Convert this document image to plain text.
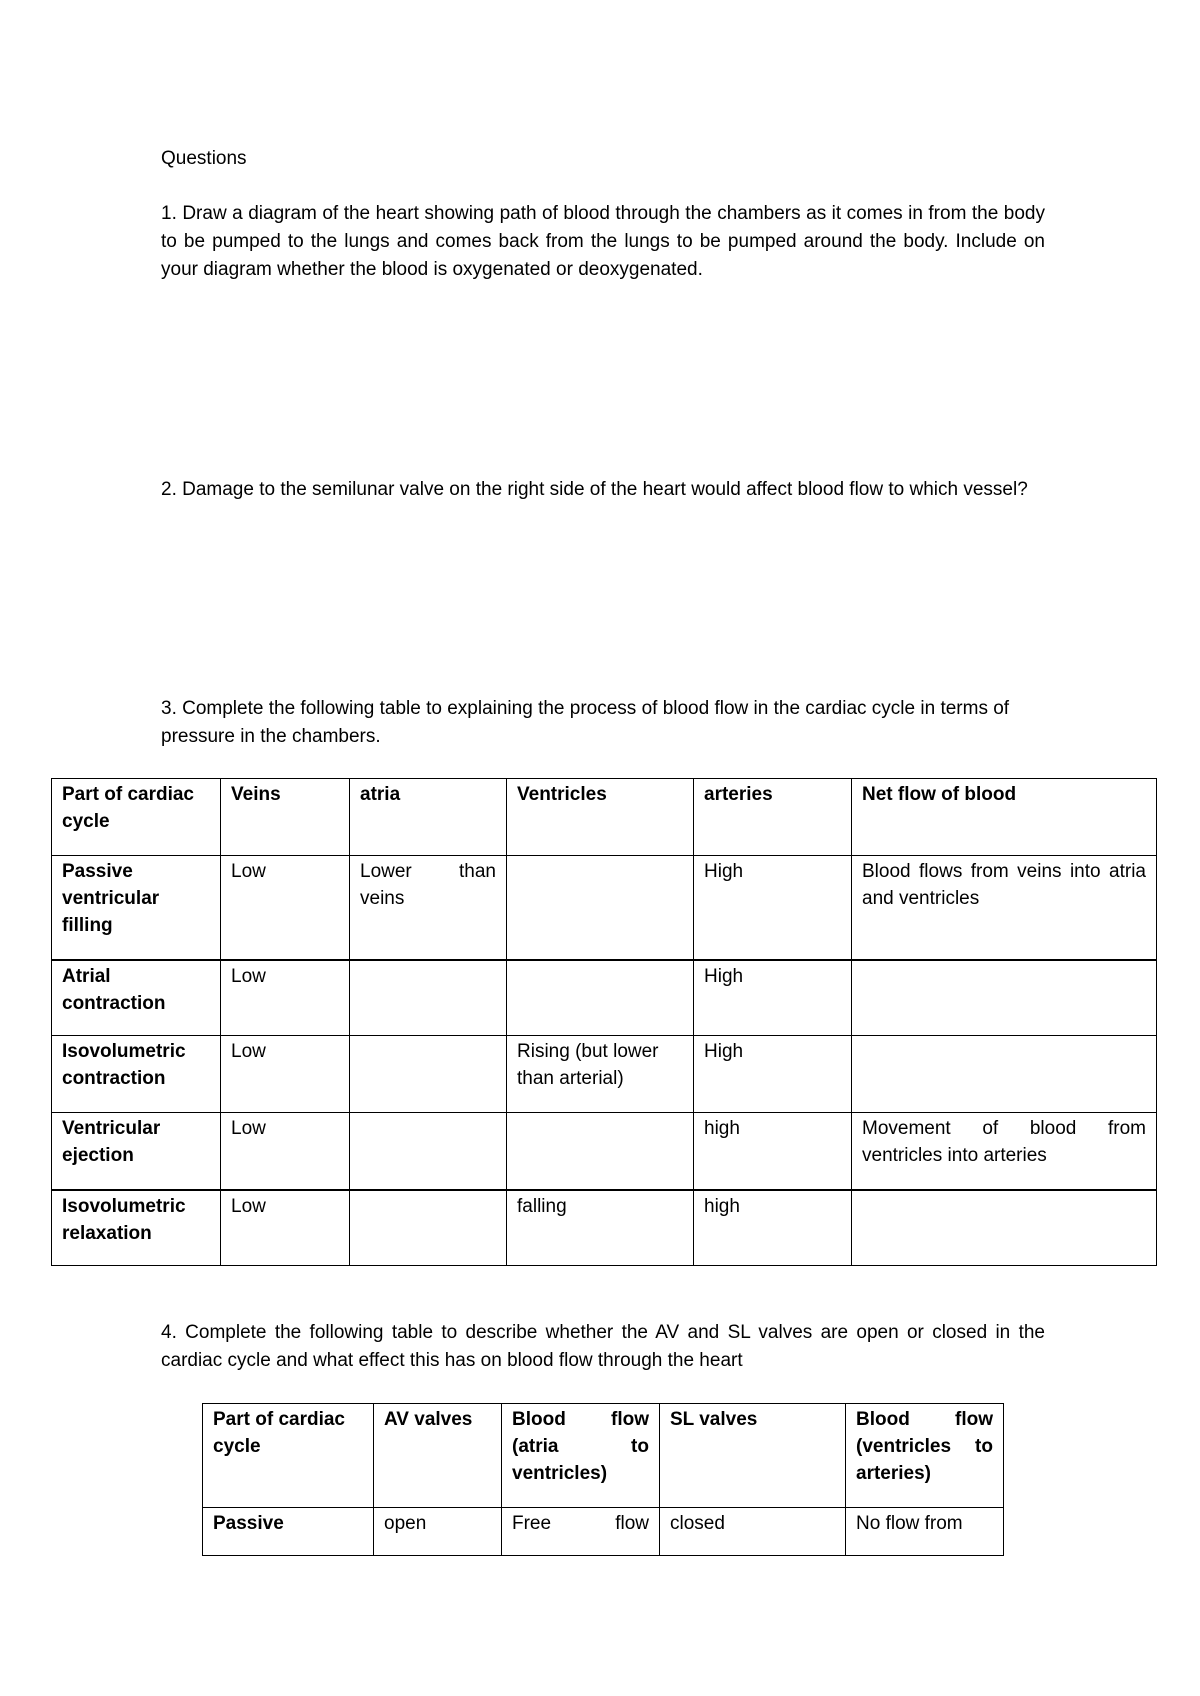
Questions

1. Draw a diagram of the heart showing path of blood through the chambers as it comes in from the body to be pumped to the lungs and comes back from the lungs to be pumped around the body. Include on your diagram whether the blood is oxygenated or deoxygenated.

2. Damage to the semilunar valve on the right side of the heart would affect blood flow to which vessel?

3. Complete the following table to explaining the process of blood flow in the cardiac cycle in terms of pressure in the chambers.

Part of cardiac cycle	Veins	atria	Ventricles	arteries	Net flow of blood
Passive ventricular filling	Low	Lower than veins		High	Blood flows from veins into atria and ventricles
Atrial contraction	Low			High	
Isovolumetric contraction	Low		Rising (but lower than arterial)	High	
Ventricular ejection	Low			high	Movement of blood from ventricles into arteries
Isovolumetric relaxation	Low		falling	high	

4. Complete the following table to describe whether the AV and SL valves are open or closed in the cardiac cycle and what effect this has on blood flow through the heart

Part of cardiac cycle	AV valves	Blood flow (atria to ventricles)	SL valves	Blood flow (ventricles to arteries)
Passive	open	Free flow	closed	No flow from
